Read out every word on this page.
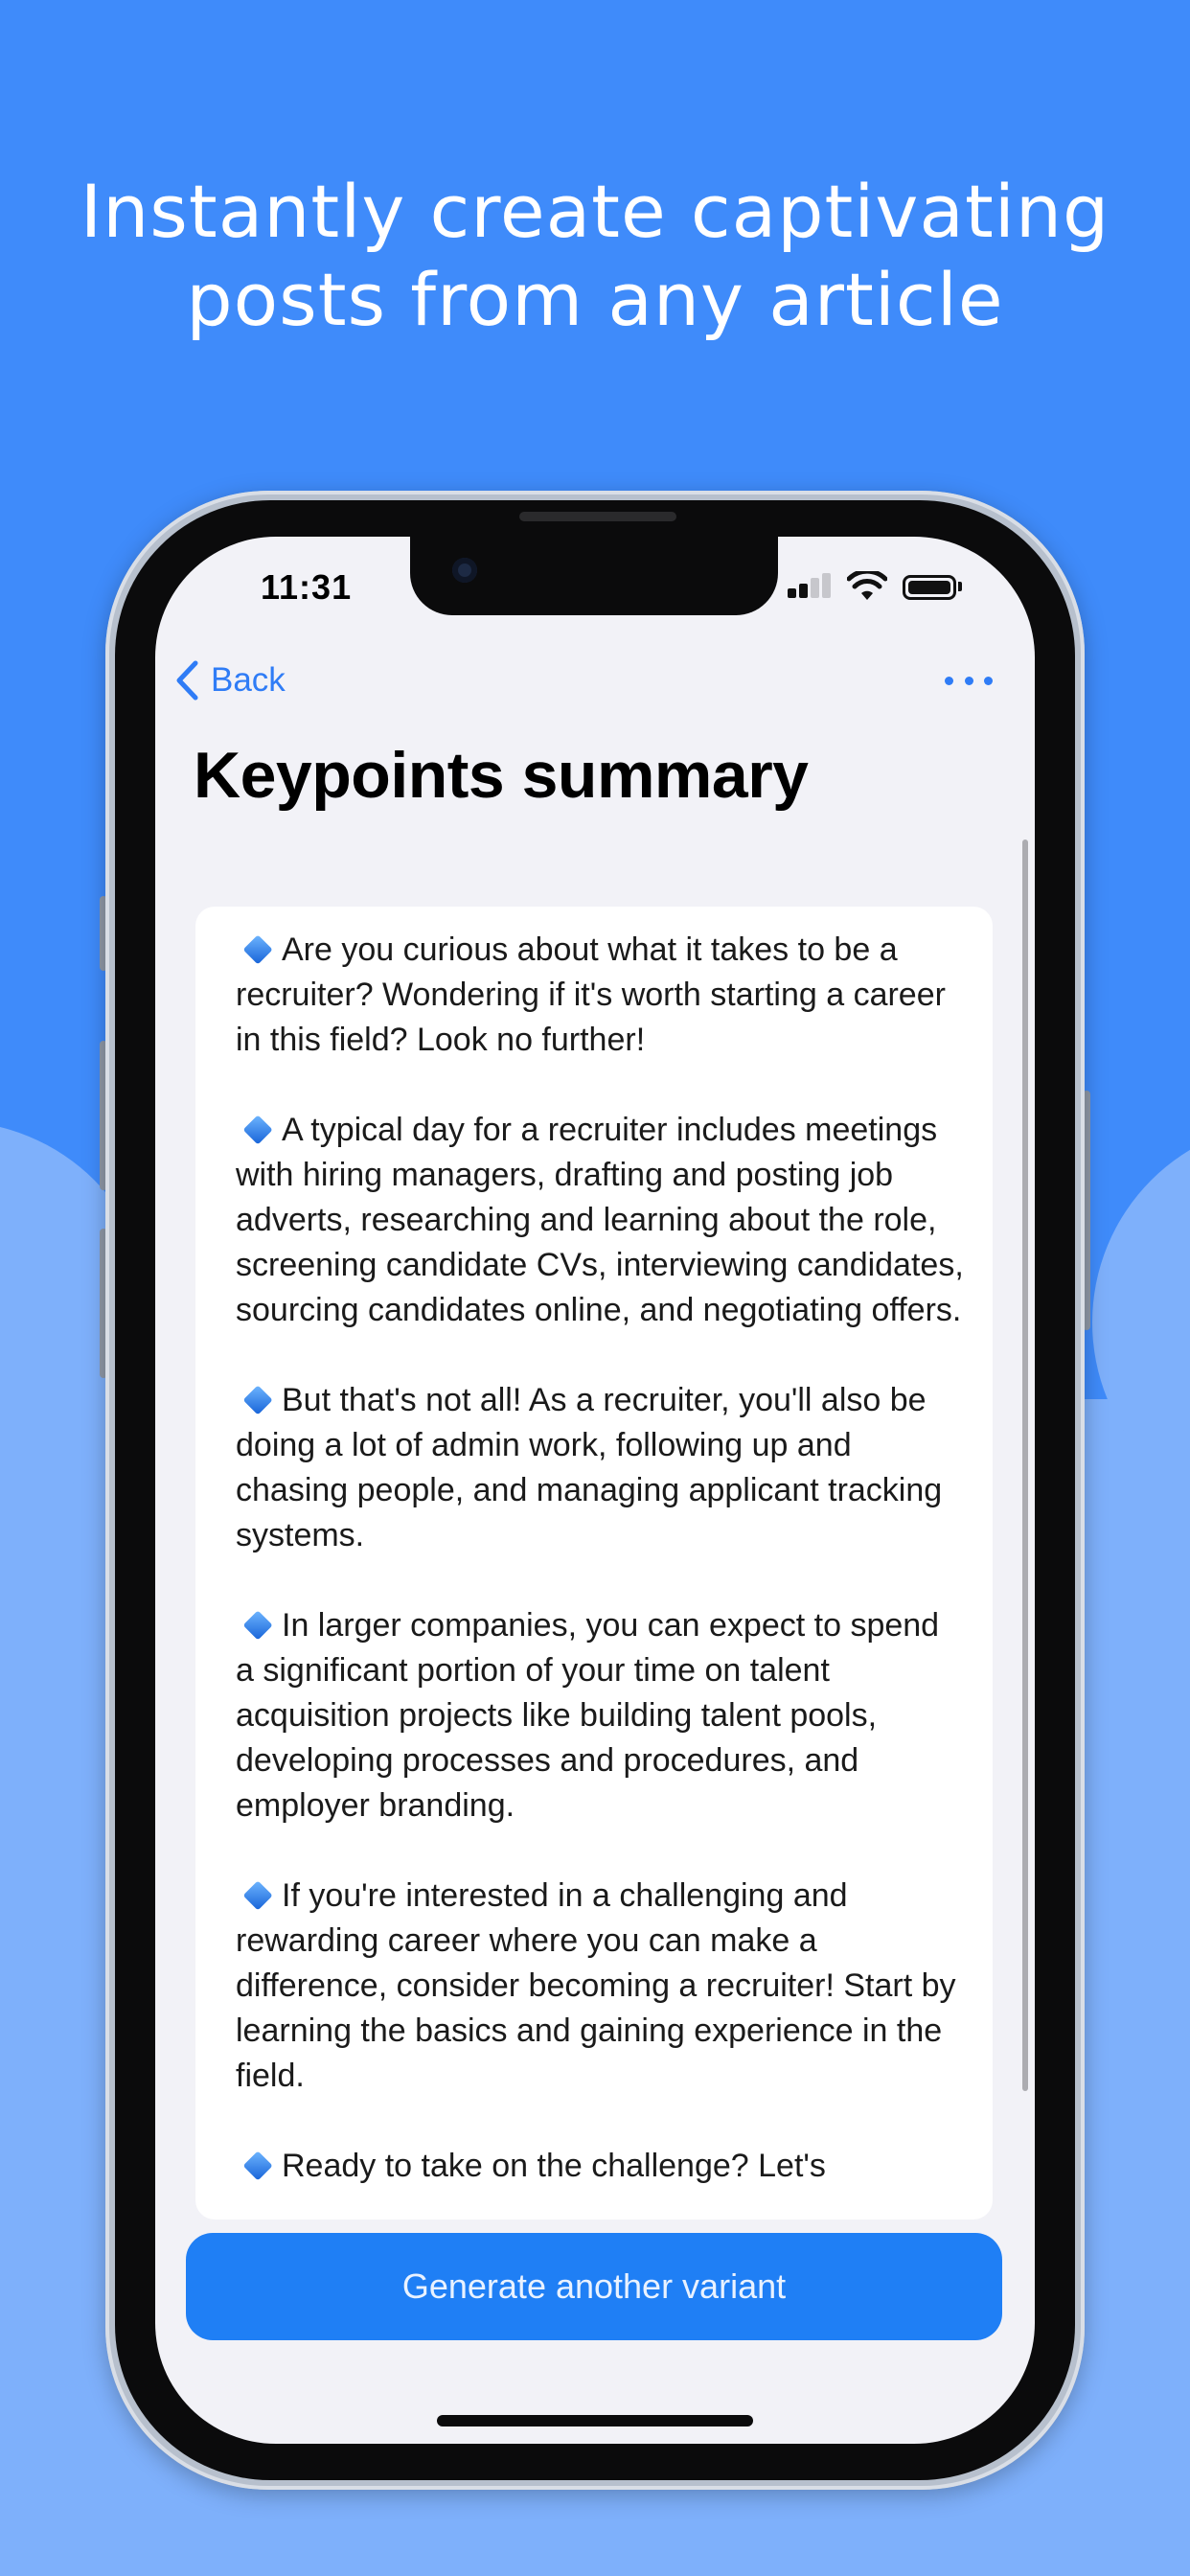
Instantly create captivating
posts from any article
11:31
Back
Keypoints summary
Are you curious about what it takes to be a recruiter? Wondering if it's worth starting a career in this field? Look no further!
A typical day for a recruiter includes meetings with hiring managers, drafting and posting job adverts, researching and learning about the role, screening candidate CVs, interviewing candidates, sourcing candidates online, and negotiating offers.
But that's not all! As a recruiter, you'll also be doing a lot of admin work, following up and chasing people, and managing applicant tracking systems.
In larger companies, you can expect to spend a significant portion of your time on talent acquisition projects like building talent pools, developing processes and procedures, and employer branding.
If you're interested in a challenging and rewarding career where you can make a difference, consider becoming a recruiter! Start by learning the basics and gaining experience in the field.
Ready to take on the challenge? Let's
Generate another variant
